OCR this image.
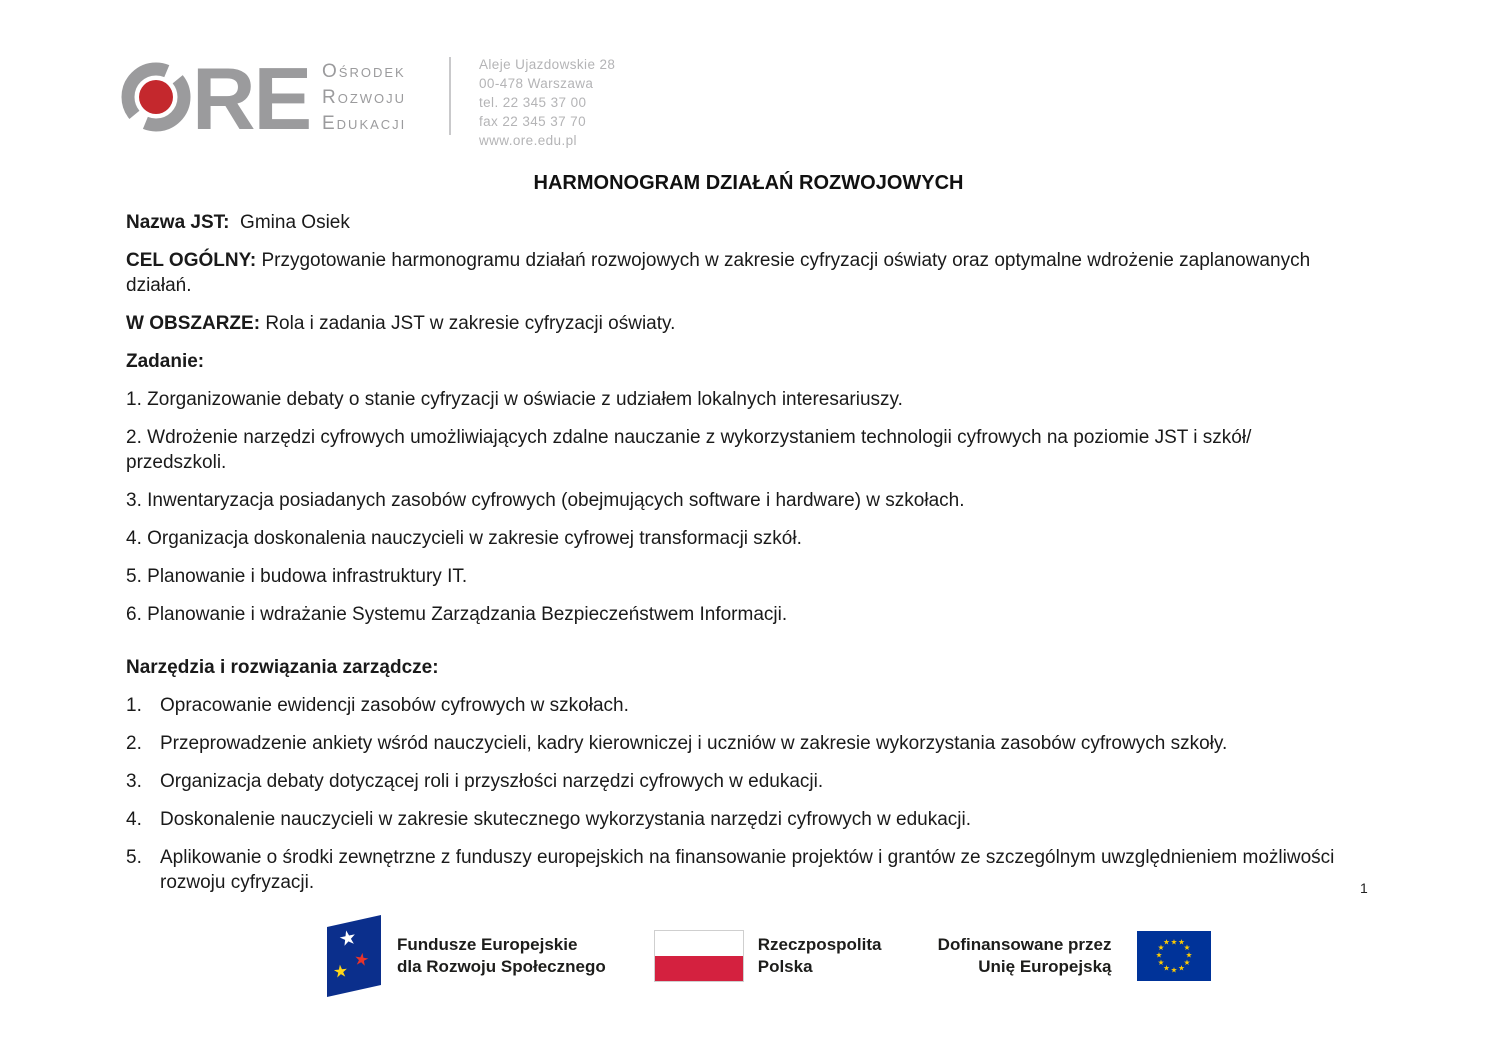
RE Ośrodek
Rozwoju
Edukacji
Aleje Ujazdowskie 28
00-478 Warszawa
tel. 22 345 37 00
fax 22 345 37 70
www.ore.edu.pl
HARMONOGRAM DZIAŁAŃ ROZWOJOWYCH

Nazwa JST: Gmina Osiek

CEL OGÓLNY: Przygotowanie harmonogramu działań rozwojowych w zakresie cyfryzacji oświaty oraz optymalne wdrożenie zaplanowanych działań.

W OBSZARZE: Rola i zadania JST w zakresie cyfryzacji oświaty.

Zadanie:

1. Zorganizowanie debaty o stanie cyfryzacji w oświacie z udziałem lokalnych interesariuszy.

2. Wdrożenie narzędzi cyfrowych umożliwiających zdalne nauczanie z wykorzystaniem technologii cyfrowych na poziomie JST i szkół/ przedszkoli.

3. Inwentaryzacja posiadanych zasobów cyfrowych (obejmujących software i hardware) w szkołach.

4. Organizacja doskonalenia nauczycieli w zakresie cyfrowej transformacji szkół.

5. Planowanie i budowa infrastruktury IT.

6. Planowanie i wdrażanie Systemu Zarządzania Bezpieczeństwem Informacji.

Narzędzia i rozwiązania zarządcze:

1. Opracowanie ewidencji zasobów cyfrowych w szkołach.
2. Przeprowadzenie ankiety wśród nauczycieli, kadry kierowniczej i uczniów w zakresie wykorzystania zasobów cyfrowych szkoły.
3. Organizacja debaty dotyczącej roli i przyszłości narzędzi cyfrowych w edukacji.
4. Doskonalenie nauczycieli w zakresie skutecznego wykorzystania narzędzi cyfrowych w edukacji.
5. Aplikowanie o środki zewnętrzne z funduszy europejskich na finansowanie projektów i grantów ze szczególnym uwzględnieniem możliwości rozwoju cyfryzacji.	1
★
★
★
Fundusze Europejskie
dla Rozwoju Społecznego
Rzeczpospolita
Polska
Dofinansowane przez
Unię Europejską
★ ★
★
★
★
★
★
★
★
★
★
★
